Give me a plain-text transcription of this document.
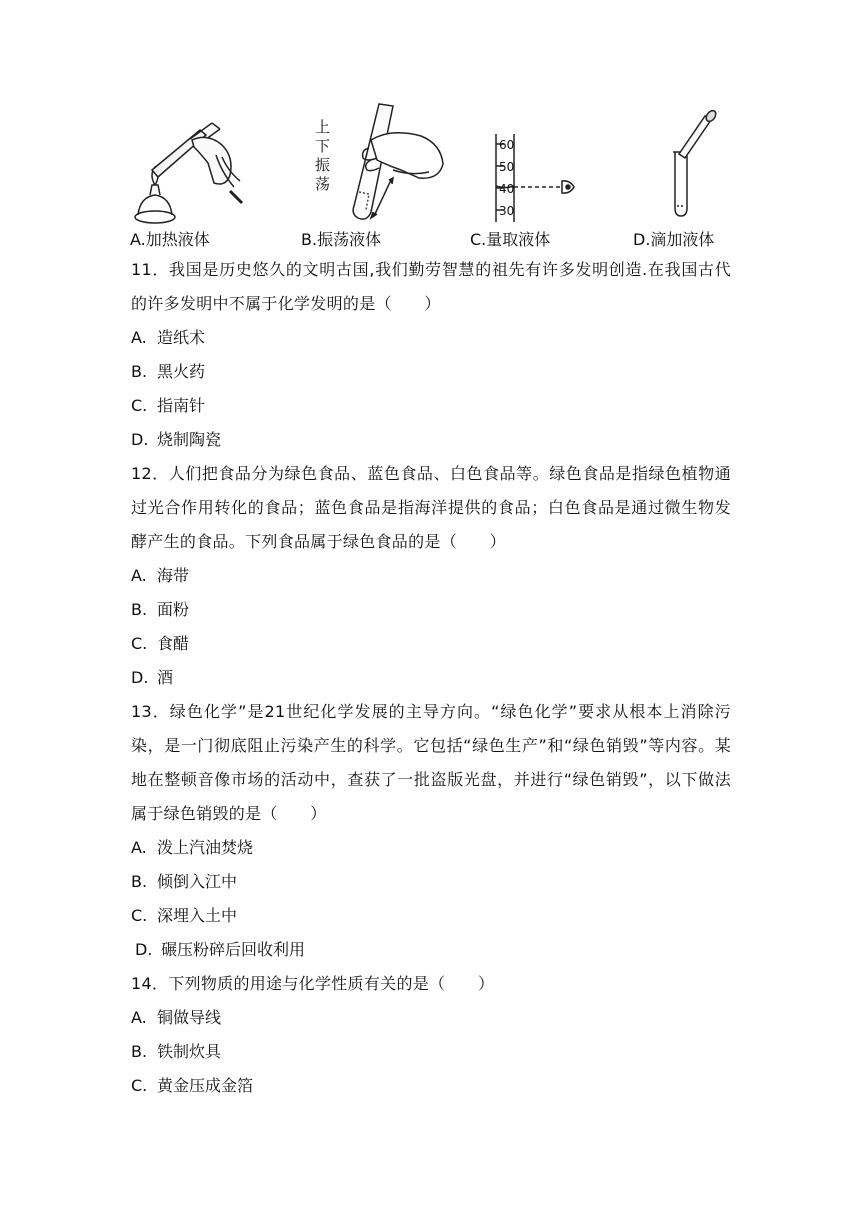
上
下
振
荡
60
50
40
30
A.加热液体	B.振荡液体	C.量取液体	D.滴加液体
11．我国是历史悠久的文明古国,我们勤劳智慧的祖先有许多发明创造.在我国古代的许多发明中不属于化学发明的是（　　）
A. 造纸术
B. 黑火药
C. 指南针
D. 烧制陶瓷
12．人们把食品分为绿色食品、蓝色食品、白色食品等。绿色食品是指绿色植物通过光合作用转化的食品；蓝色食品是指海洋提供的食品；白色食品是通过微生物发酵产生的食品。下列食品属于绿色食品的是（　　）
A. 海带
B. 面粉
C. 食醋
D. 酒
13．绿色化学”是21世纪化学发展的主导方向。“绿色化学”要求从根本上消除污染，是一门彻底阻止污染产生的科学。它包括“绿色生产”和“绿色销毁”等内容。某地在整顿音像市场的活动中，查获了一批盗版光盘，并进行“绿色销毁”，以下做法属于绿色销毁的是（　　）
A. 泼上汽油焚烧
B. 倾倒入江中
C. 深埋入土中
D. 碾压粉碎后回收利用
14．下列物质的用途与化学性质有关的是（　　）
A. 铜做导线
B. 铁制炊具
C. 黄金压成金箔
